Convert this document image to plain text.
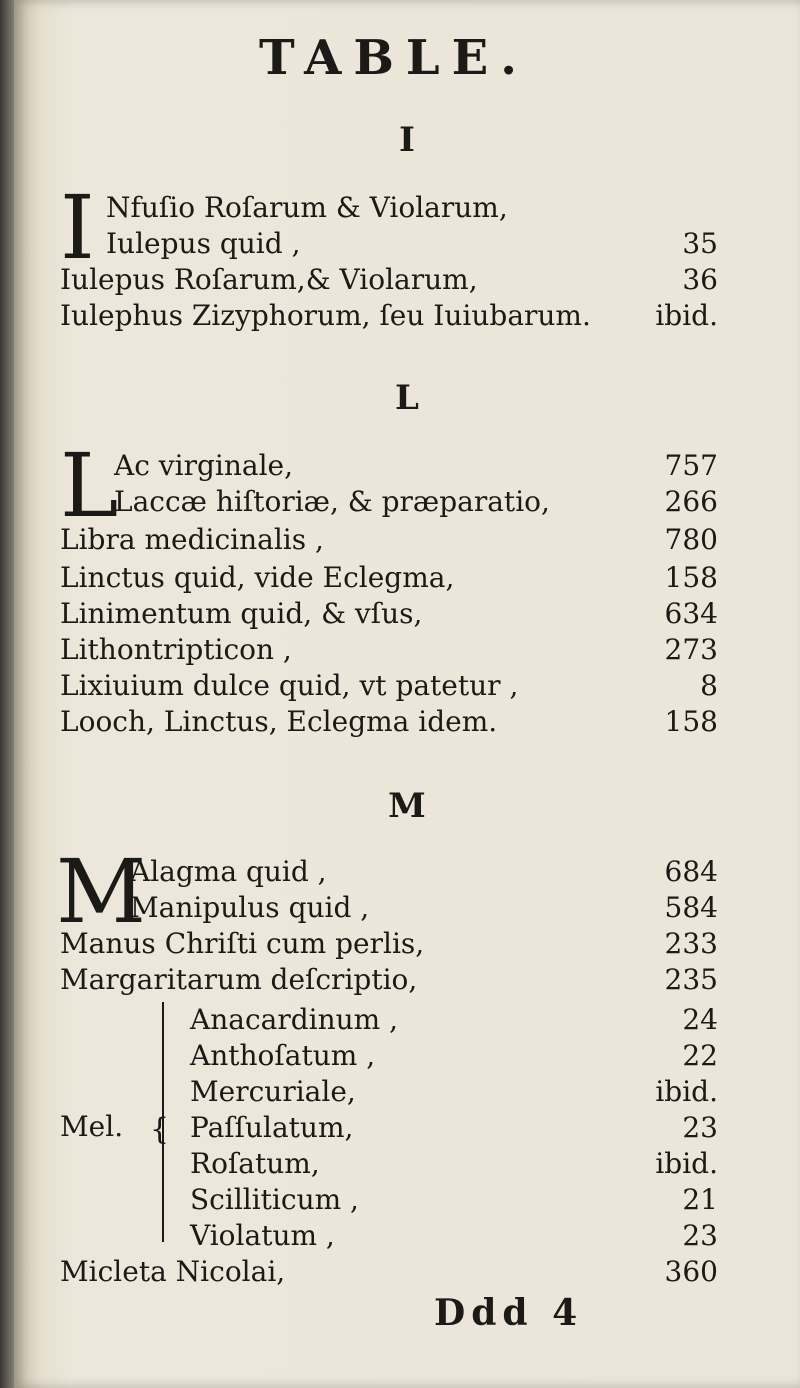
TABLE.
I
I Nfuſio Roſarum & Violarum,
Iulepus quid ,	35
Iulepus Roſarum,& Violarum,	36
Iulephus Zizyphorum, ſeu Iuiubarum. ibid.
L
L
Ac virginale,	757
Laccæ hiſtoriæ, & præparatio,	266
Libra medicinalis ,	780
Linctus quid, vide Eclegma,	158
Linimentum quid, & vſus,	634
Lithontripticon ,	273
Lixiuium dulce quid, vt patetur ,	8
Looch, Linctus, Eclegma idem.	158
M
M
Alagma quid ,	684
Manipulus quid ,	584
Manus Chriſti cum perlis,	233
Margaritarum deſcriptio,	235
Mel. {
Anacardinum ,	24
Anthoſatum ,	22
Mercuriale,	ibid.
Paſſulatum,	23
Roſatum,	ibid.
Scilliticum ,	21
Violatum ,	23
Micleta Nicolai,	360
Ddd 4
